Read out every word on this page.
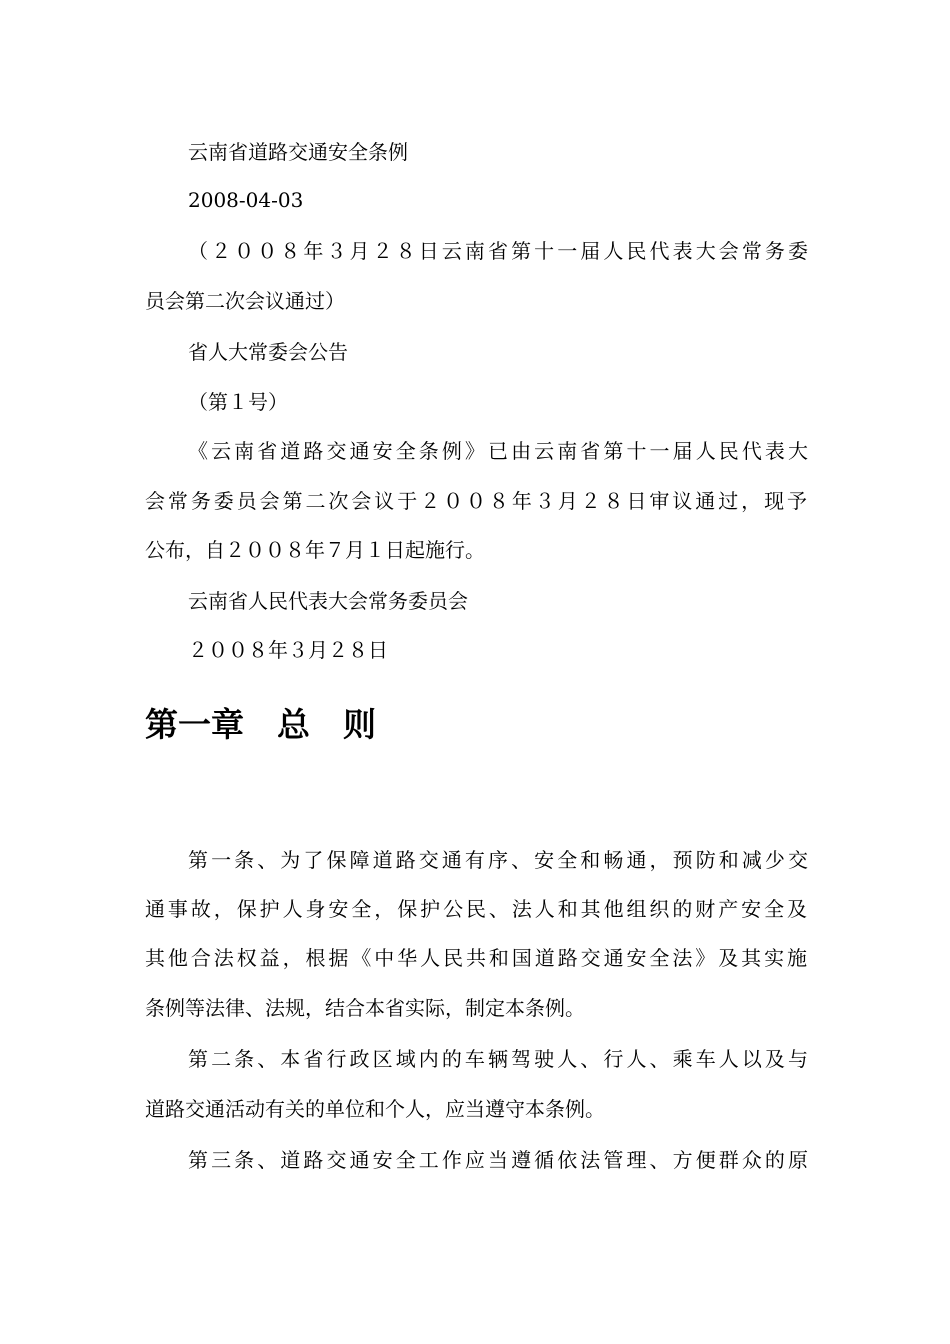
云南省道路交通安全条例
2008-04-03
（２００８年３月２８日云南省第十一届人民代表大会常务委
员会第二次会议通过）
省人大常委会公告
（第１号）
《云南省道路交通安全条例》已由云南省第十一届人民代表大
会常务委员会第二次会议于２００８年３月２８日审议通过，现予
公布，自２００８年７月１日起施行。
云南省人民代表大会常务委员会
２００８年３月２８日
第一章　总　则
第一条、为了保障道路交通有序、安全和畅通，预防和减少交
通事故，保护人身安全，保护公民、法人和其他组织的财产安全及
其他合法权益，根据《中华人民共和国道路交通安全法》及其实施
条例等法律、法规，结合本省实际，制定本条例。
第二条、本省行政区域内的车辆驾驶人、行人、乘车人以及与
道路交通活动有关的单位和个人，应当遵守本条例。
第三条、道路交通安全工作应当遵循依法管理、方便群众的原
